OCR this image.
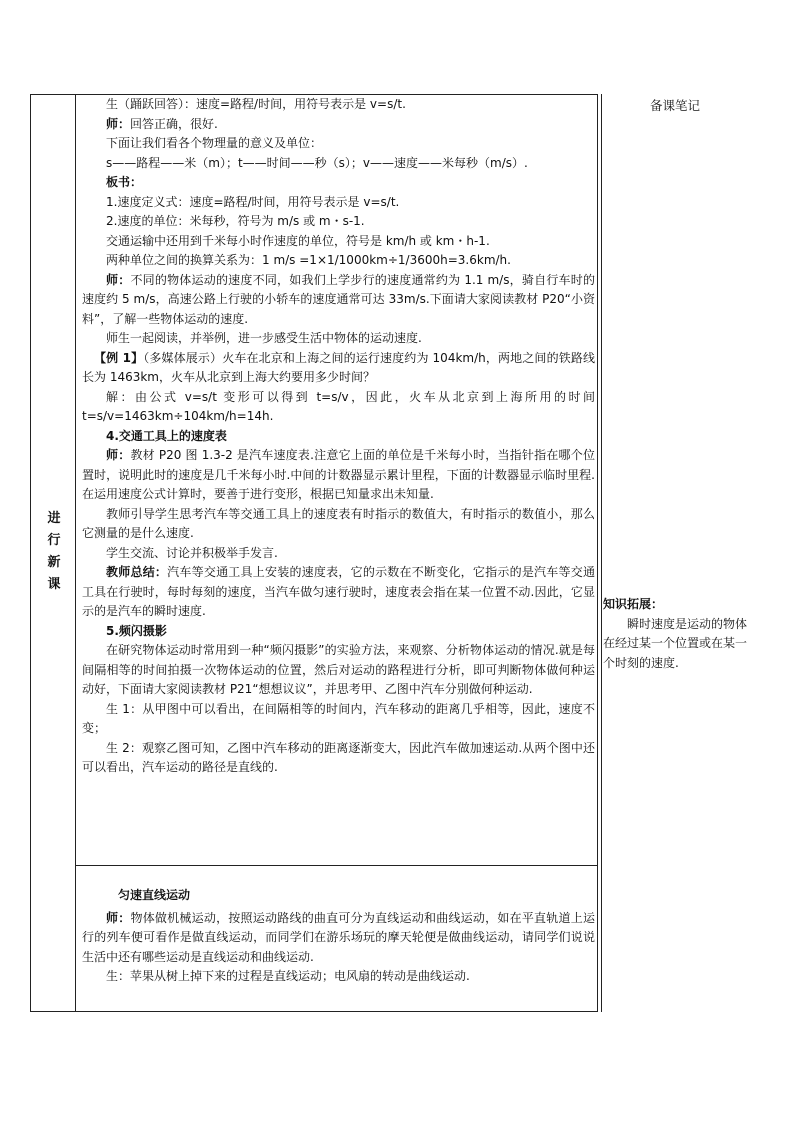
进
行
新
课

生（踊跃回答）：速度=路程/时间，用符号表示是 v=s/t.

师：回答正确，很好.

下面让我们看各个物理量的意义及单位：

s——路程——米（m）；t——时间——秒（s）；v——速度——米每秒（m/s）.

板书：

1.速度定义式：速度=路程/时间，用符号表示是 v=s/t.

2.速度的单位：米每秒，符号为 m/s 或 m・s-1.

交通运输中还用到千米每小时作速度的单位，符号是 km/h 或 km・h-1.

两种单位之间的换算关系为：1 m/s =1×1/1000km÷1/3600h=3.6km/h.

师：不同的物体运动的速度不同，如我们上学步行的速度通常约为 1.1 m/s，骑自行车时的速度约 5 m/s，高速公路上行驶的小轿车的速度通常可达 33m/s.下面请大家阅读教材 P20“小资料”，了解一些物体运动的速度.

师生一起阅读，并举例，进一步感受生活中物体的运动速度.

【例 1】（多媒体展示）火车在北京和上海之间的运行速度约为 104km/h，两地之间的铁路线长为 1463km，火车从北京到上海大约要用多少时间？

解：由公式 v=s/t 变形可以得到 t=s/v，因此，火车从北京到上海所用的时间 t=s/v=1463km÷104km/h=14h.

4.交通工具上的速度表

师：教材 P20 图 1.3-2 是汽车速度表.注意它上面的单位是千米每小时，当指针指在哪个位置时，说明此时的速度是几千米每小时.中间的计数器显示累计里程，下面的计数器显示临时里程.在运用速度公式计算时，要善于进行变形，根据已知量求出未知量.

教师引导学生思考汽车等交通工具上的速度表有时指示的数值大，有时指示的数值小，那么它测量的是什么速度.

学生交流、讨论并积极举手发言.

教师总结：汽车等交通工具上安装的速度表，它的示数在不断变化，它指示的是汽车等交通工具在行驶时，每时每刻的速度，当汽车做匀速行驶时，速度表会指在某一位置不动.因此，它显示的是汽车的瞬时速度.

5.频闪摄影

在研究物体运动时常用到一种“频闪摄影”的实验方法，来观察、分析物体运动的情况.就是每间隔相等的时间拍摄一次物体运动的位置，然后对运动的路程进行分析，即可判断物体做何种运动好，下面请大家阅读教材 P21“想想议议”，并思考甲、乙图中汽车分别做何种运动.

生 1：从甲图中可以看出，在间隔相等的时间内，汽车移动的距离几乎相等，因此，速度不变；

生 2：观察乙图可知，乙图中汽车移动的距离逐渐变大，因此汽车做加速运动.从两个图中还可以看出，汽车运动的路径是直线的.

匀速直线运动

师：物体做机械运动，按照运动路线的曲直可分为直线运动和曲线运动，如在平直轨道上运行的列车便可看作是做直线运动，而同学们在游乐场玩的摩天轮便是做曲线运动，请同学们说说生活中还有哪些运动是直线运动和曲线运动.

生：苹果从树上掉下来的过程是直线运动；电风扇的转动是曲线运动.

备课笔记

知识拓展：

瞬时速度是运动的物体在经过某一个位置或在某一个时刻的速度.
